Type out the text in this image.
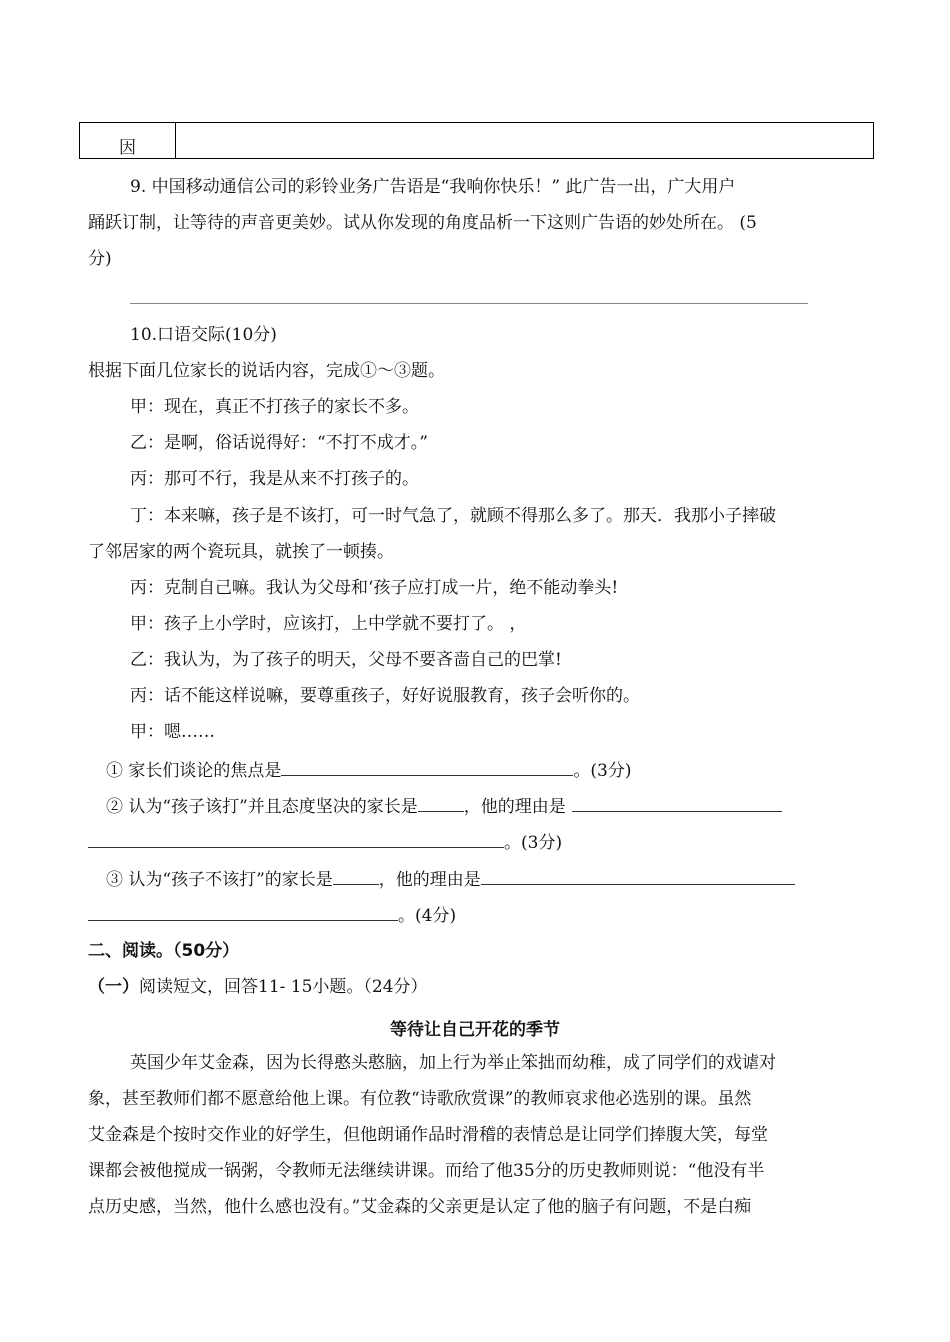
因	
9. 中国移动通信公司的彩铃业务广告语是“我响你快乐！” 此广告一出，广大用户
踊跃订制，让等待的声音更美妙。试从你发现的角度品析一下这则广告语的妙处所在。 (5
分)
10.口语交际(10分)
根据下面几位家长的说话内容，完成①～③题。
甲：现在，真正不打孩子的家长不多。
乙：是啊，俗话说得好：“不打不成才。”
丙：那可不行，我是从来不打孩子的。
丁：本来嘛，孩子是不该打，可一时气急了，就顾不得那么多了。那天．我那小子摔破
了邻居家的两个瓷玩具，就挨了一顿揍。
丙：克制自己嘛。我认为父母和‘孩子应打成一片，绝不能动拳头!
甲：孩子上小学时，应该打，上中学就不要打了。 ，
乙：我认为，为了孩子的明天，父母不要吝啬自己的巴掌!
丙：话不能这样说嘛，要尊重孩子，好好说服教育，孩子会听你的。
甲：嗯……
① 家长们谈论的焦点是	。(3分)
② 认为“孩子该打”并且态度坚决的家长是	，他的理由是
。(3分)
③ 认为“孩子不该打”的家长是	，他的理由是
。(4分)
二、阅读。（50分）
（一）阅读短文，回答11- 15小题。（24分）
等待让自己开花的季节
英国少年艾金森，因为长得憨头憨脑，加上行为举止笨拙而幼稚，成了同学们的戏谑对
象，甚至教师们都不愿意给他上课。有位教“诗歌欣赏课”的教师哀求他必选别的课。虽然
艾金森是个按时交作业的好学生，但他朗诵作品时滑稽的表情总是让同学们捧腹大笑，每堂
课都会被他搅成一锅粥，令教师无法继续讲课。而给了他35分的历史教师则说：“他没有半
点历史感，当然，他什么感也没有。”艾金森的父亲更是认定了他的脑子有问题，不是白痴
